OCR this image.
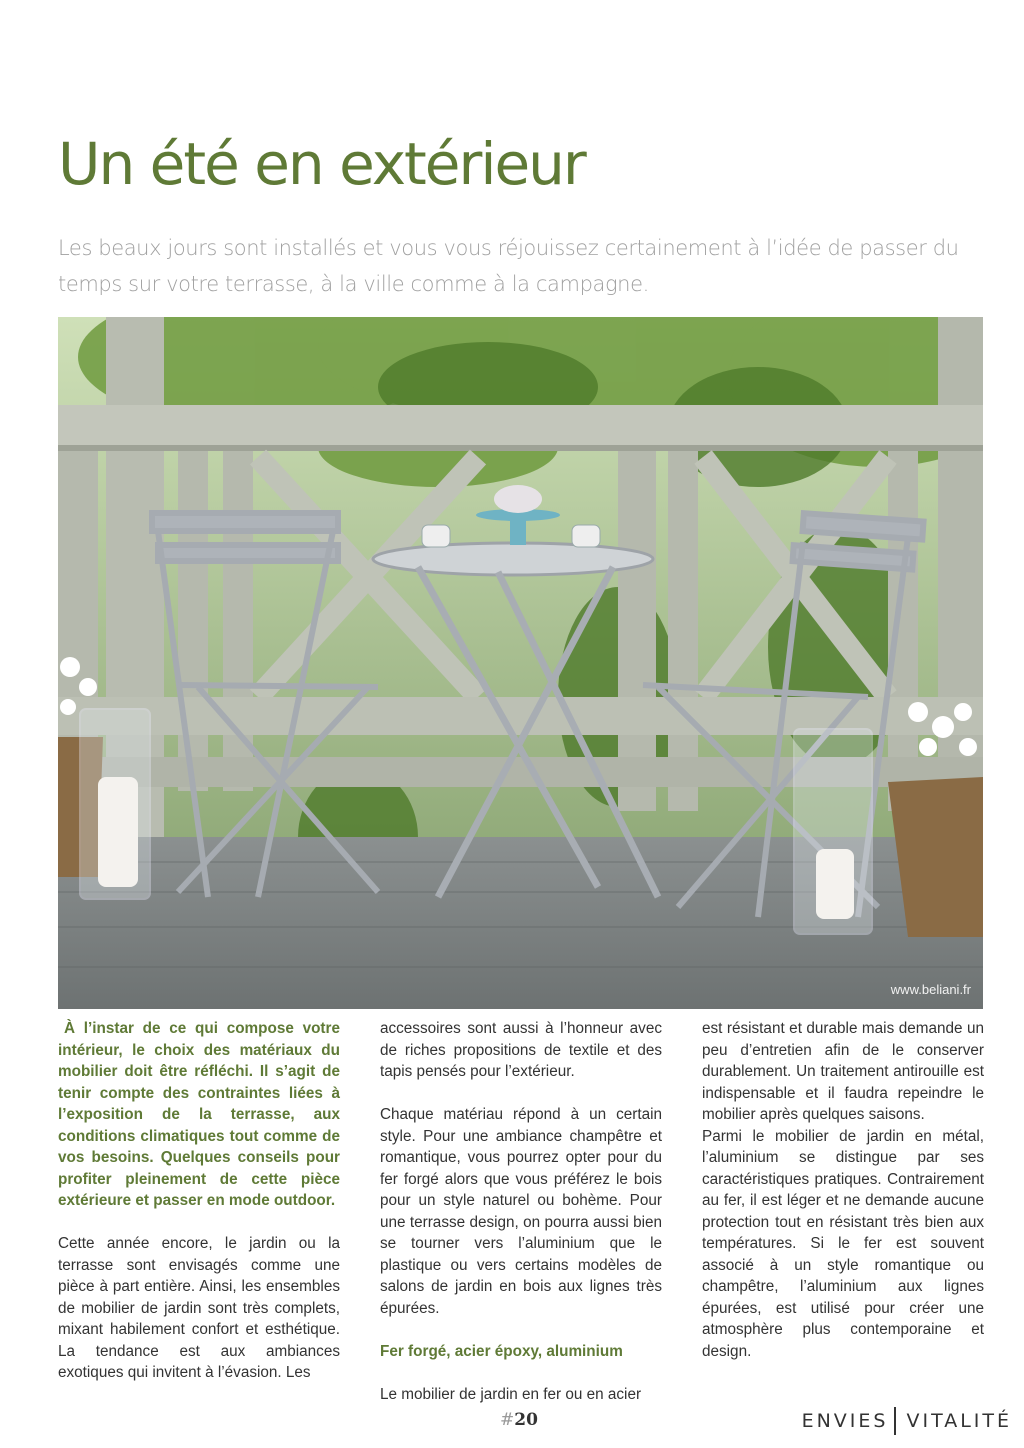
Un été en extérieur

Les beaux jours sont installés et vous vous réjouissez certainement à l’idée de passer du temps sur votre terrasse, à la ville comme à la campagne.

www.beliani.fr

À l’instar de ce qui compose votre intérieur, le choix des matériaux du mobilier doit être réfléchi. Il s’agit de tenir compte des contraintes liées à l’exposition de la terrasse, aux conditions climatiques tout comme de vos besoins. Quelques conseils pour profiter pleinement de cette pièce extérieure et passer en mode outdoor.

Cette année encore, le jardin ou la terrasse sont envisagés comme une pièce à part entière. Ainsi, les ensembles de mobilier de jardin sont très complets, mixant habilement confort et esthétique. La tendance est aux ambiances exotiques qui invitent à l’évasion. Les

accessoires sont aussi à l’honneur avec de riches propositions de textile et des tapis pensés pour l’extérieur.

Chaque matériau répond à un certain style. Pour une ambiance champêtre et romantique, vous pourrez opter pour du fer forgé alors que vous préférez le bois pour un style naturel ou bohème. Pour une terrasse design, on pourra aussi bien se tourner vers l’aluminium que le plastique ou vers certains modèles de salons de jardin en bois aux lignes très épurées.

Fer forgé, acier époxy, aluminium

Le mobilier de jardin en fer ou en acier

est résistant et durable mais demande un peu d’entretien afin de le conserver durablement. Un traitement antirouille est indispensable et il faudra repeindre le mobilier après quelques saisons.

Parmi le mobilier de jardin en métal, l’aluminium se distingue par ses caractéristiques pratiques. Contrairement au fer, il est léger et ne demande aucune protection tout en résistant très bien aux températures. Si le fer est souvent associé à un style romantique ou champêtre, l’aluminium aux lignes épurées, est utilisé pour créer une atmosphère plus contemporaine et design.

#20	ENVIES VITALITÉ
